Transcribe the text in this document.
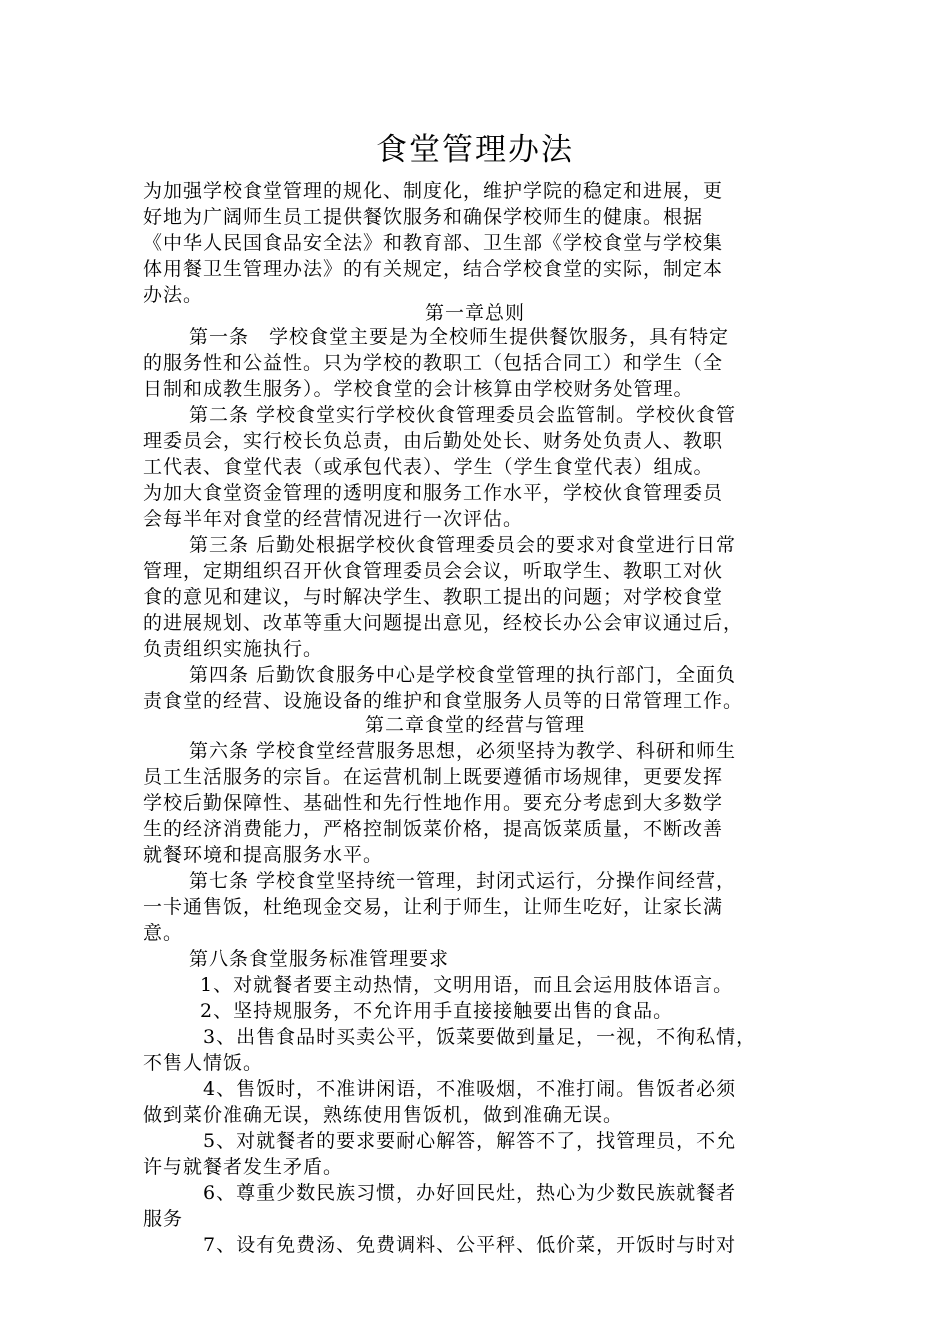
食堂管理办法
为加强学校食堂管理的规化、制度化，维护学院的稳定和进展，更
好地为广阔师生员工提供餐饮服务和确保学校师生的健康。根据
《中华人民国食品安全法》和教育部、卫生部《学校食堂与学校集
体用餐卫生管理办法》的有关规定，结合学校食堂的实际，制定本
办法。
第一章总则
第一条　学校食堂主要是为全校师生提供餐饮服务，具有特定
的服务性和公益性。只为学校的教职工（包括合同工）和学生（全
日制和成教生服务）。学校食堂的会计核算由学校财务处管理。
第二条 学校食堂实行学校伙食管理委员会监管制。学校伙食管
理委员会，实行校长负总责，由后勤处处长、财务处负责人、教职
工代表、食堂代表（或承包代表）、学生（学生食堂代表）组成。
为加大食堂资金管理的透明度和服务工作水平，学校伙食管理委员
会每半年对食堂的经营情况进行一次评估。
第三条 后勤处根据学校伙食管理委员会的要求对食堂进行日常
管理，定期组织召开伙食管理委员会会议，听取学生、教职工对伙
食的意见和建议，与时解决学生、教职工提出的问题；对学校食堂
的进展规划、改革等重大问题提出意见，经校长办公会审议通过后，
负责组织实施执行。
第四条 后勤饮食服务中心是学校食堂管理的执行部门，全面负
责食堂的经营、设施设备的维护和食堂服务人员等的日常管理工作。
第二章食堂的经营与管理
第六条 学校食堂经营服务思想，必须坚持为教学、科研和师生
员工生活服务的宗旨。在运营机制上既要遵循市场规律，更要发挥
学校后勤保障性、基础性和先行性地作用。要充分考虑到大多数学
生的经济消费能力，严格控制饭菜价格，提高饭菜质量，不断改善
就餐环境和提高服务水平。
第七条 学校食堂坚持统一管理，封闭式运行，分操作间经营，
一卡通售饭，杜绝现金交易，让利于师生，让师生吃好，让家长满
意。
第八条食堂服务标准管理要求
1、对就餐者要主动热情，文明用语，而且会运用肢体语言。
2、坚持规服务，不允许用手直接接触要出售的食品。
3、出售食品时买卖公平，饭菜要做到量足，一视，不徇私情，
不售人情饭。
4、售饭时，不准讲闲语，不准吸烟，不准打闹。售饭者必须
做到菜价准确无误，熟练使用售饭机，做到准确无误。
5、对就餐者的要求要耐心解答，解答不了，找管理员，不允
许与就餐者发生矛盾。
6、尊重少数民族习惯，办好回民灶，热心为少数民族就餐者
服务
7、设有免费汤、免费调料、公平秤、低价菜，开饭时与时对
